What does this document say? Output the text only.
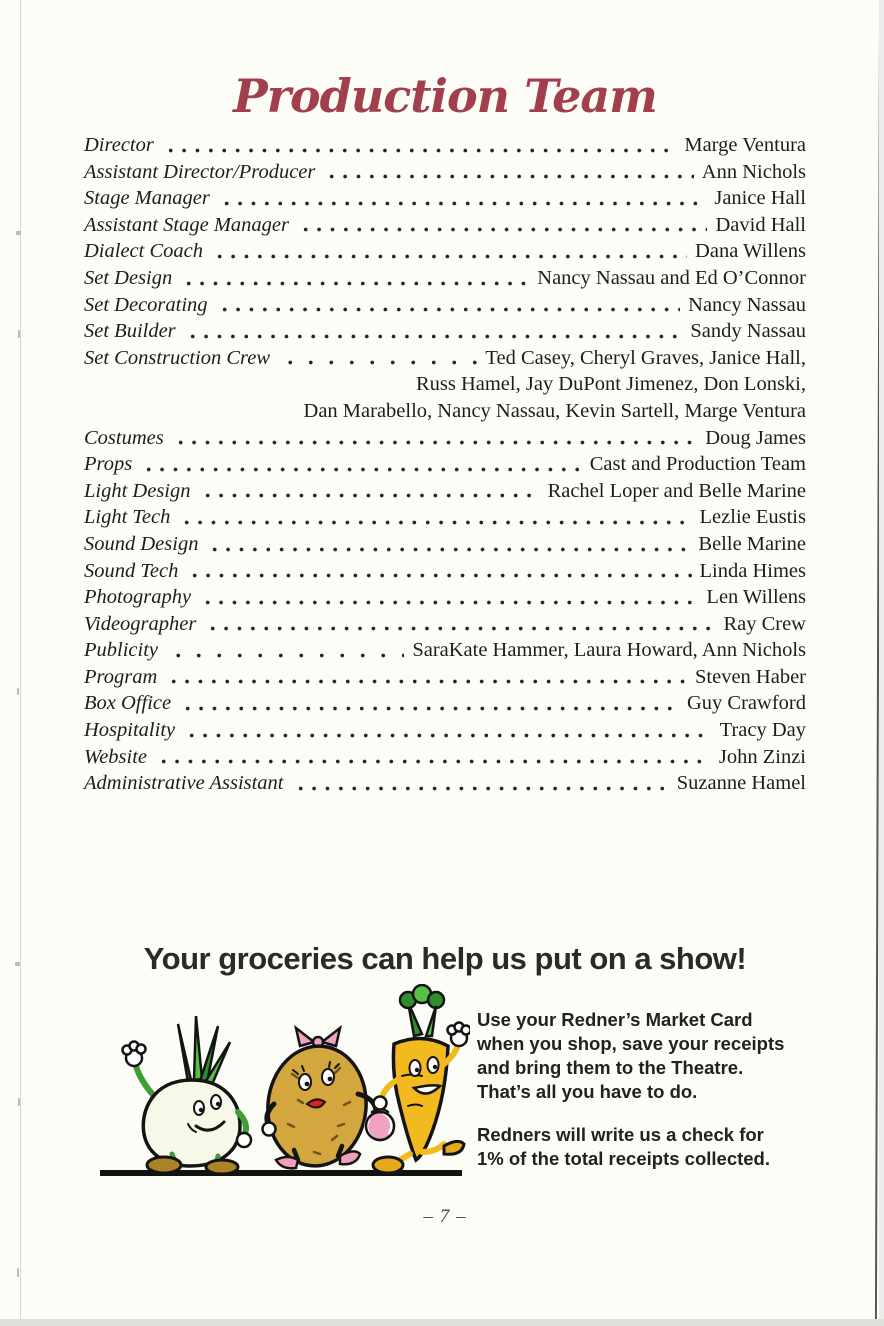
Production Team
Director	Marge Ventura
Assistant Director/Producer	Ann Nichols
Stage Manager	Janice Hall
Assistant Stage Manager	David Hall
Dialect Coach	Dana Willens
Set Design	Nancy Nassau and Ed O’Connor
Set Decorating	Nancy Nassau
Set Builder	Sandy Nassau
Set Construction Crew	Ted Casey, Cheryl Graves, Janice Hall,
Russ Hamel, Jay DuPont Jimenez, Don Lonski,
Dan Marabello, Nancy Nassau, Kevin Sartell, Marge Ventura
Costumes	Doug James
Props	Cast and Production Team
Light Design	Rachel Loper and Belle Marine
Light Tech	Lezlie Eustis
Sound Design	Belle Marine
Sound Tech	Linda Himes
Photography	Len Willens
Videographer	Ray Crew
Publicity	SaraKate Hammer, Laura Howard, Ann Nichols
Program	Steven Haber
Box Office	Guy Crawford
Hospitality	Tracy Day
Website	John Zinzi
Administrative Assistant	Suzanne Hamel
Your groceries can help us put on a show!
Use your Redner’s Market Card
when you shop, save your receipts
and bring them to the Theatre.
That’s all you have to do.
Redners will write us a check for
1% of the total receipts collected.
– 7 –
